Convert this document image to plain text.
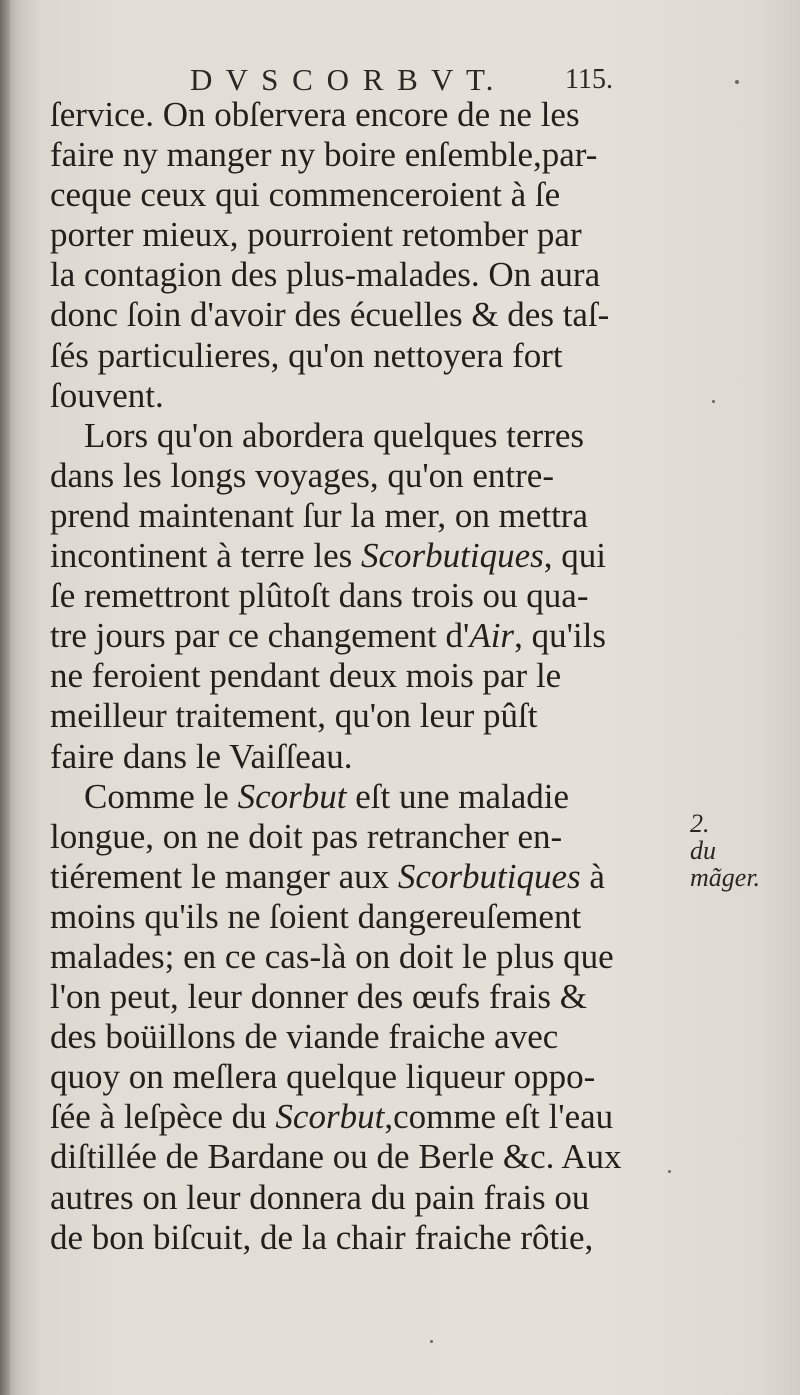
D V S C O R B V T. 115.
ſervice. On obſervera encore de ne les
faire ny manger ny boire enſemble,par-
ceque ceux qui commenceroient à ſe
porter mieux, pourroient retomber par
la contagion des plus-malades. On aura
donc ſoin d'avoir des écuelles & des taſ-
ſés particulieres, qu'on nettoyera fort
ſouvent.
Lors qu'on abordera quelques terres
dans les longs voyages, qu'on entre-
prend maintenant ſur la mer, on mettra
incontinent à terre les Scorbutiques, qui
ſe remettront plûtoſt dans trois ou qua-
tre jours par ce changement d'Air, qu'ils
ne feroient pendant deux mois par le
meilleur traitement, qu'on leur pûſt
faire dans le Vaiſſeau.
Comme le Scorbut eſt une maladie
longue, on ne doit pas retrancher en-
tiérement le manger aux Scorbutiques à
moins qu'ils ne ſoient dangereuſement
malades; en ce cas-là on doit le plus que
l'on peut, leur donner des œufs frais &
des boüillons de viande fraiche avec
quoy on meſlera quelque liqueur oppo-
ſée à leſpèce du Scorbut,comme eſt l'eau
diſtillée de Bardane ou de Berle &c. Aux
autres on leur donnera du pain frais ou
de bon biſcuit, de la chair fraiche rôtie,
2.
du
mãger.
